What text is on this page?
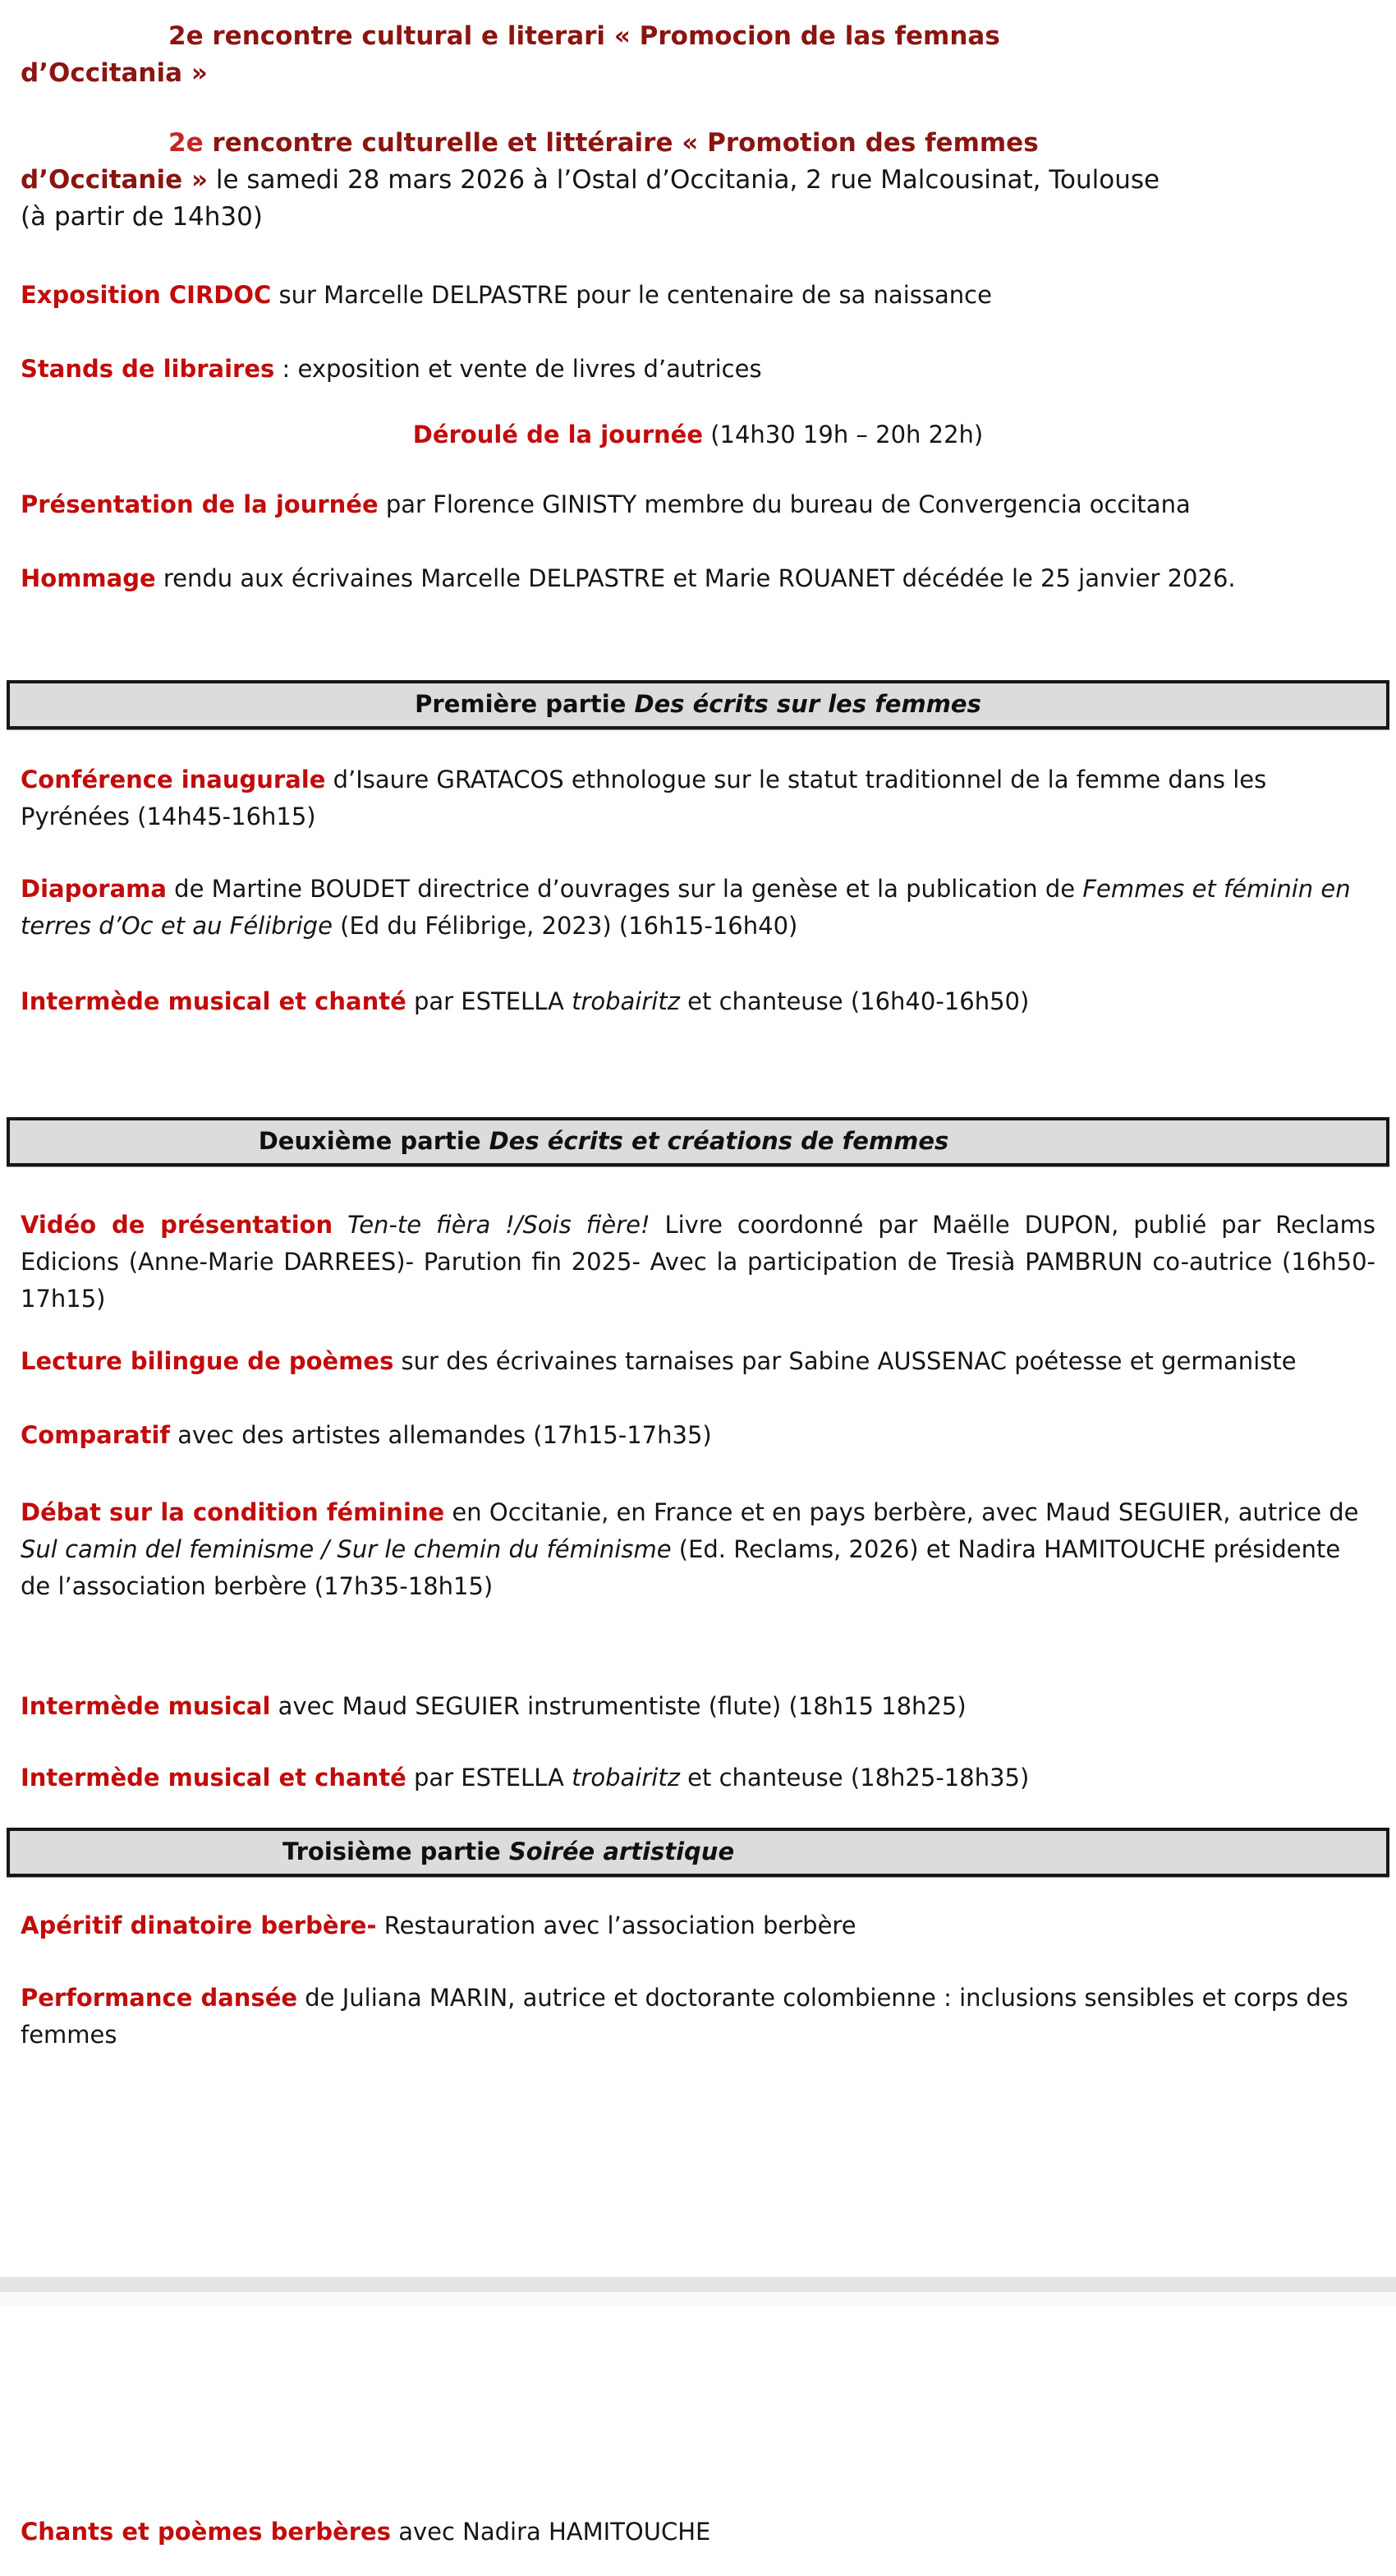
2e rencontre cultural e literari « Promocion de las femnas
d’Occitania »
2e rencontre culturelle et littéraire « Promotion des femmes
d’Occitanie » le samedi 28 mars 2026 à l’Ostal d’Occitania, 2 rue Malcousinat, Toulouse
(à partir de 14h30)

Exposition CIRDOC sur Marcelle DELPASTRE pour le centenaire de sa naissance

Stands de libraires : exposition et vente de livres d’autrices

Déroulé de la journée (14h30 19h – 20h 22h)

Présentation de la journée par Florence GINISTY membre du bureau de Convergencia occitana

Hommage rendu aux écrivaines Marcelle DELPASTRE et Marie ROUANET décédée le 25 janvier 2026.

Première partie Des écrits sur les femmes

Conférence inaugurale d’Isaure GRATACOS ethnologue sur le statut traditionnel de la femme dans les Pyrénées (14h45-16h15)

Diaporama de Martine BOUDET directrice d’ouvrages sur la genèse et la publication de Femmes et féminin en terres d’Oc et au Félibrige (Ed du Félibrige, 2023) (16h15-16h40)

Intermède musical et chanté par ESTELLA trobairitz et chanteuse (16h40-16h50)

Deuxième partie Des écrits et créations de femmes

Vidéo de présentation Ten-te fièra !/Sois fière! Livre coordonné par Maëlle DUPON, publié par Reclams Edicions (Anne-Marie DARREES)- Parution fin 2025- Avec la participation de Tresià PAMBRUN co-autrice (16h50-17h15)

Lecture bilingue de poèmes sur des écrivaines tarnaises par Sabine AUSSENAC poétesse et germaniste

Comparatif avec des artistes allemandes (17h15-17h35)

Débat sur la condition féminine en Occitanie, en France et en pays berbère, avec Maud SEGUIER, autrice de Sul camin del feminisme / Sur le chemin du féminisme (Ed. Reclams, 2026) et Nadira HAMITOUCHE présidente de l’association berbère (17h35-18h15)

Intermède musical avec Maud SEGUIER instrumentiste (flute) (18h15 18h25)

Intermède musical et chanté par ESTELLA trobairitz et chanteuse (18h25-18h35)

Troisième partie Soirée artistique

Apéritif dinatoire berbère- Restauration avec l’association berbère

Performance dansée de Juliana MARIN, autrice et doctorante colombienne : inclusions sensibles et corps des femmes

Chants et poèmes berbères avec Nadira HAMITOUCHE
